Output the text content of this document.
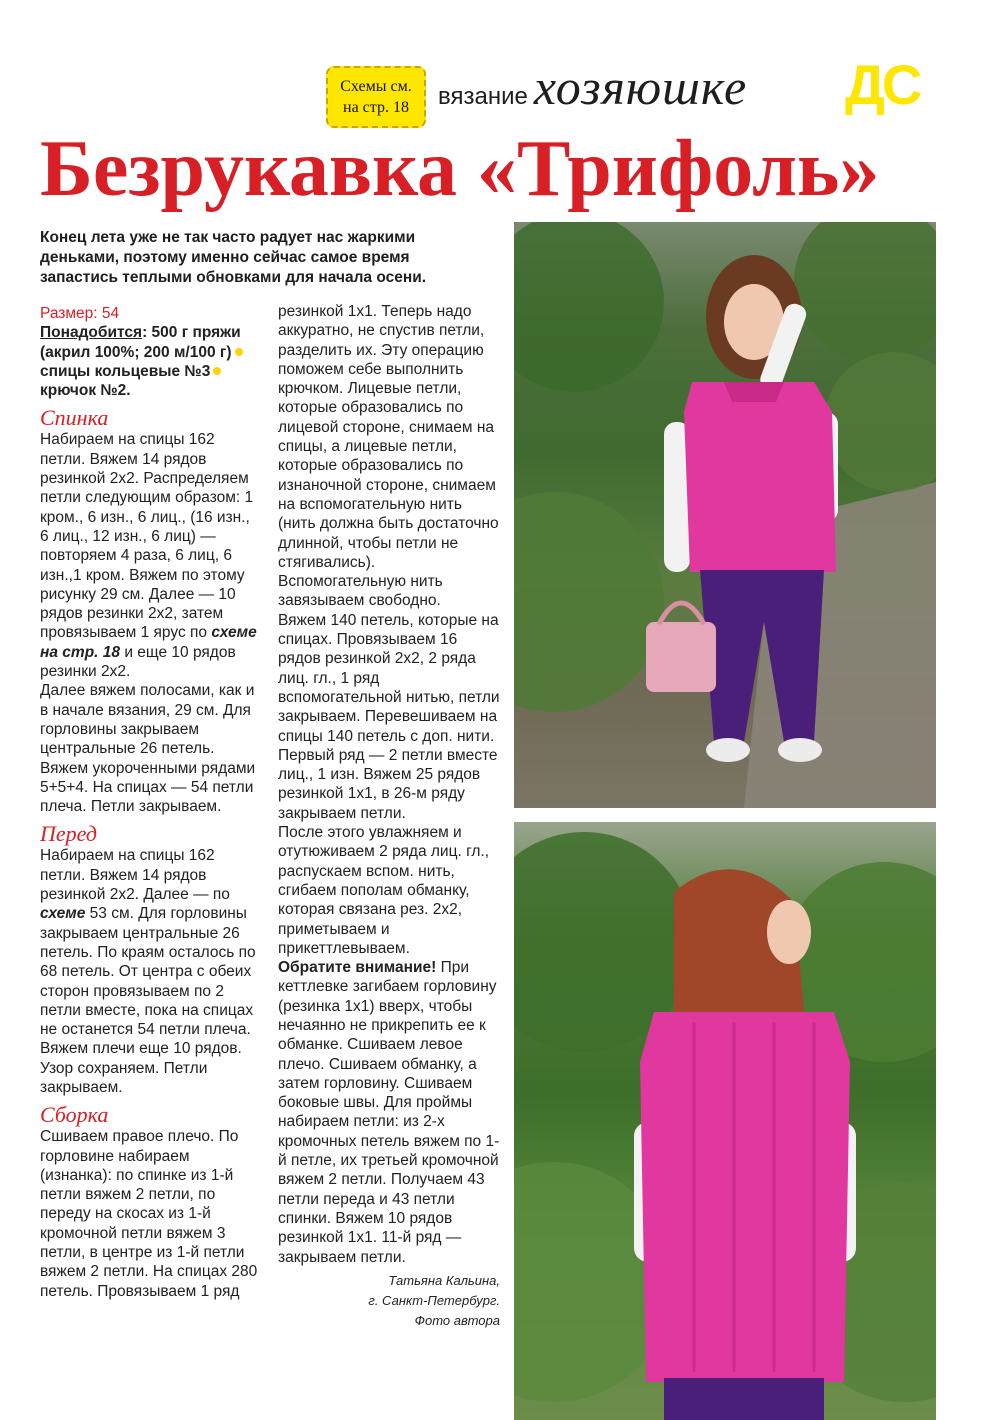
Схемы см.
на стр. 18 вязание хозяюшке ДС
Безрукавка «Трифоль»

Конец лета уже не так часто радует нас жаркими деньками, поэтому именно сейчас самое время запастись теплыми обновками для начала осени.

Размер: 54
Понадобится: 500 г пряжи (акрил 100%; 200 м/100 г)спицы кольцевые №3крючок №2.
Спинка
Набираем на спицы 162 петли. Вяжем 14 рядов резинкой 2х2. Распределяем петли следующим образом: 1 кром., 6 изн., 6 лиц., (16 изн., 6 лиц., 12 изн., 6 лиц) — повторяем 4 раза, 6 лиц, 6 изн.,1 кром. Вяжем по этому рисунку 29 см. Далее — 10 рядов резинки 2х2, затем провязываем 1 ярус по схеме на стр. 18 и еще 10 рядов резинки 2х2.
Далее вяжем полосами, как и в начале вязания, 29 см. Для горловины закрываем центральные 26 петель. Вяжем укороченными рядами 5+5+4. На спицах — 54 петли плеча. Петли закрываем.
Перед
Набираем на спицы 162 петли. Вяжем 14 рядов резинкой 2х2. Далее — по схеме 53 см. Для горловины закрываем центральные 26 петель. По краям осталось по 68 петель. От центра с обеих сторон провязываем по 2 петли вместе, пока на спицах не останется 54 петли плеча. Вяжем плечи еще 10 рядов. Узор сохраняем. Петли закрываем.
Сборка
Сшиваем правое плечо. По горловине набираем (изнанка): по спинке из 1-й петли вяжем 2 петли, по переду на скосах из 1-й кромочной петли вяжем 3 петли, в центре из 1-й петли вяжем 2 петли. На спицах 280 петель. Провязываем 1 ряд
резинкой 1х1. Теперь надо аккуратно, не спустив петли, разделить их. Эту операцию поможем себе выполнить крючком. Лицевые петли, которые образовались по лицевой стороне, снимаем на спицы, а лицевые петли, которые образовались по изнаночной стороне, снимаем на вспомогательную нить (нить должна быть достаточно длинной, чтобы петли не стягивались). Вспомогательную нить завязываем свободно.
Вяжем 140 петель, которые на спицах. Провязываем 16 рядов резинкой 2х2, 2 ряда лиц. гл., 1 ряд вспомогательной нитью, петли закрываем. Перевешиваем на спицы 140 петель с доп. нити. Первый ряд — 2 петли вместе лиц., 1 изн. Вяжем 25 рядов резинкой 1х1, в 26-м ряду закрываем петли.
После этого увлажняем и отутюживаем 2 ряда лиц. гл., распускаем вспом. нить, сгибаем пополам обманку, которая связана рез. 2х2, приметываем и прикеттлевываем.
Обратите внимание! При кеттлевке загибаем горловину (резинка 1х1) вверх, чтобы нечаянно не прикрепить ее к обманке. Сшиваем левое плечо. Сшиваем обманку, а затем горловину. Сшиваем боковые швы. Для проймы набираем петли: из 2-х кромочных петель вяжем по 1-й петле, их третьей кромочной вяжем 2 петли. Получаем 43 петли переда и 43 петли спинки. Вяжем 10 рядов резинкой 1х1. 11-й ряд — закрываем петли.
Татьяна Кальина,
г. Санкт-Петербург.
Фото автора
